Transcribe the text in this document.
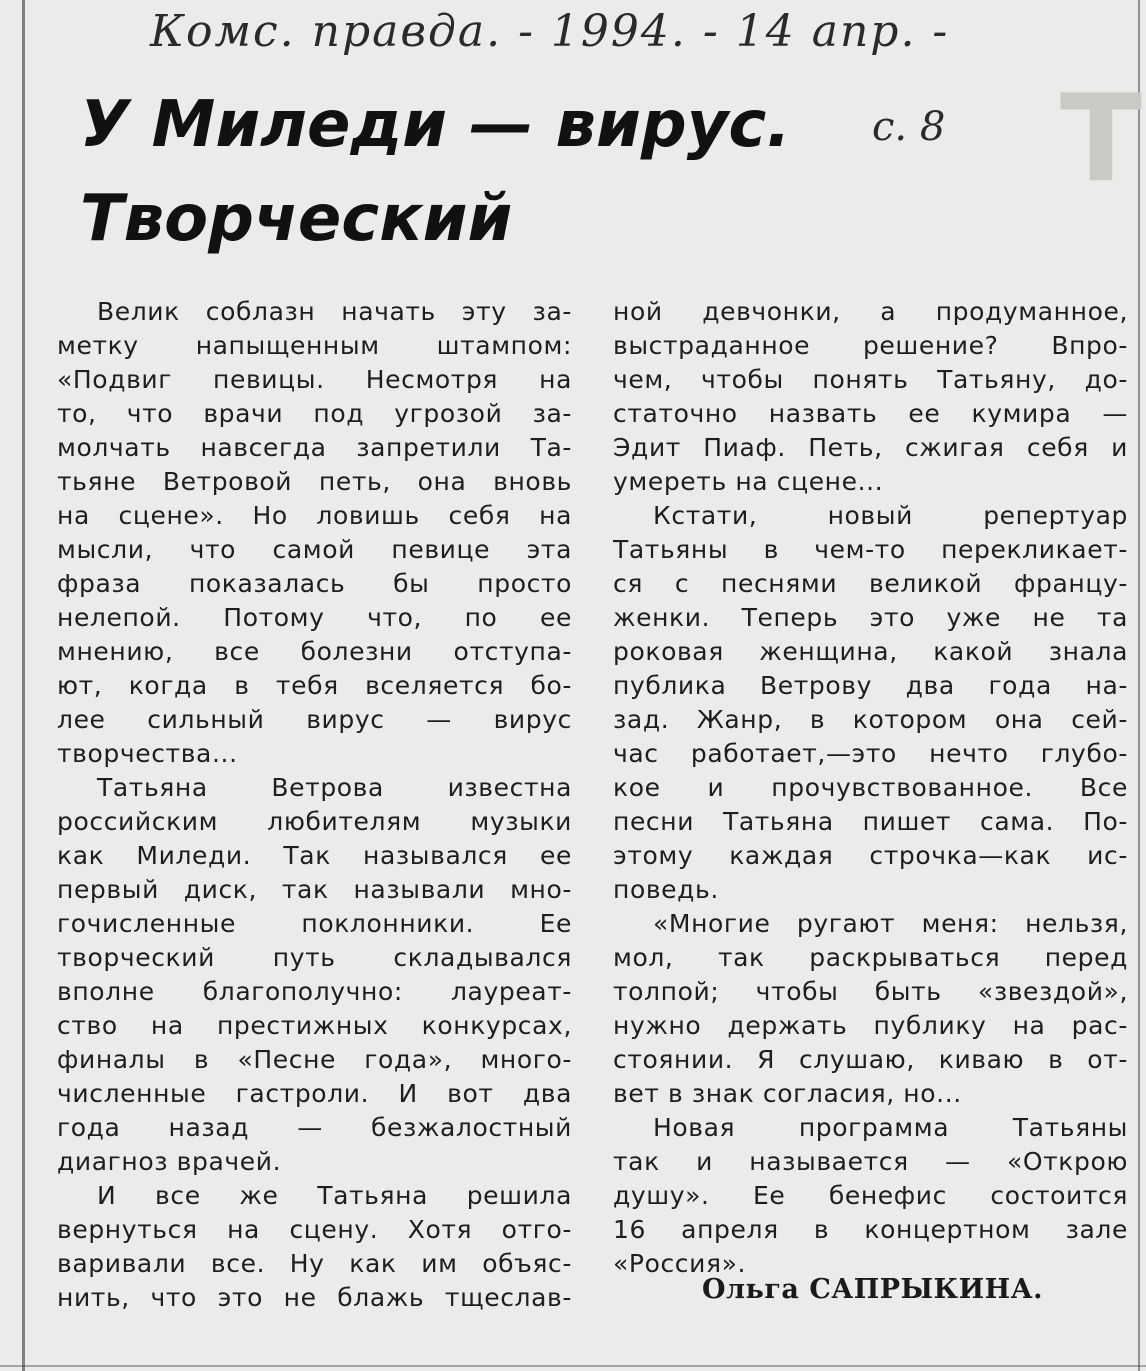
Т
Комс. правда. - 1994. - 14 апр. -
У Миледи — вирус.
Творческий
с. 8
Велик соблазн начать эту за-
метку напыщенным штампом:
«Подвиг певицы. Несмотря на
то, что врачи под угрозой за-
молчать навсегда запретили Та-
тьяне Ветровой петь, она вновь
на сцене». Но ловишь себя на
мысли, что самой певице эта
фраза показалась бы просто
нелепой. Потому что, по ее
мнению, все болезни отступа-
ют, когда в тебя вселяется бо-
лее сильный вирус — вирус
творчества...
Татьяна Ветрова известна
российским любителям музыки
как Миледи. Так назывался ее
первый диск, так называли мно-
гочисленные поклонники. Ее
творческий путь складывался
вполне благополучно: лауреат-
ство на престижных конкурсах,
финалы в «Песне года», много-
численные гастроли. И вот два
года назад — безжалостный
диагноз врачей.
И все же Татьяна решила
вернуться на сцену. Хотя отго-
варивали все. Ну как им объяс-
нить, что это не блажь тщеслав-
ной девчонки, а продуманное,
выстраданное решение? Впро-
чем, чтобы понять Татьяну, до-
статочно назвать ее кумира —
Эдит Пиаф. Петь, сжигая себя и
умереть на сцене...
Кстати, новый репертуар
Татьяны в чем-то перекликает-
ся с песнями великой францу-
женки. Теперь это уже не та
роковая женщина, какой знала
публика Ветрову два года на-
зад. Жанр, в котором она сей-
час работает,—это нечто глубо-
кое и прочувствованное. Все
песни Татьяна пишет сама. По-
этому каждая строчка—как ис-
поведь.
«Многие ругают меня: нельзя,
мол, так раскрываться перед
толпой; чтобы быть «звездой»,
нужно держать публику на рас-
стоянии. Я слушаю, киваю в от-
вет в знак согласия, но...
Новая программа Татьяны
так и называется — «Открою
душу». Ее бенефис состоится
16 апреля в концертном зале
«Россия».
Ольга САПРЫКИНА.
